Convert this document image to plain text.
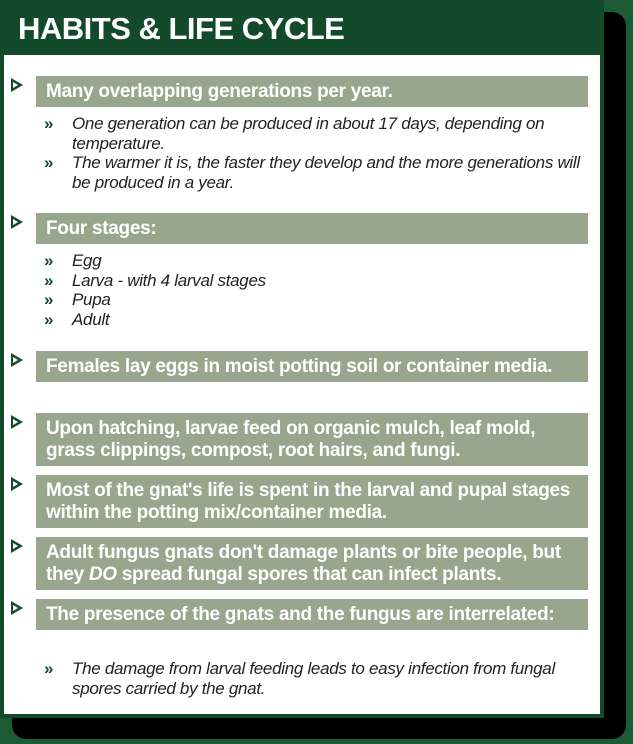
HABITS & LIFE CYCLE
Many overlapping generations per year.
» One generation can be produced in about 17 days, depending on temperature.
» The warmer it is, the faster they develop and the more generations will be produced in a year.
Four stages:
» Egg
» Larva - with 4 larval stages
» Pupa
» Adult
Females lay eggs in moist potting soil or container media.
Upon hatching, larvae feed on organic mulch, leaf mold, grass clippings, compost, root hairs, and fungi.
Most of the gnat's life is spent in the larval and pupal stages within the potting mix/container media.
Adult fungus gnats don't damage plants or bite people, but they DO spread fungal spores that can infect plants.
The presence of the gnats and the fungus are interrelated:
» The damage from larval feeding leads to easy infection from fungal spores carried by the gnat.
